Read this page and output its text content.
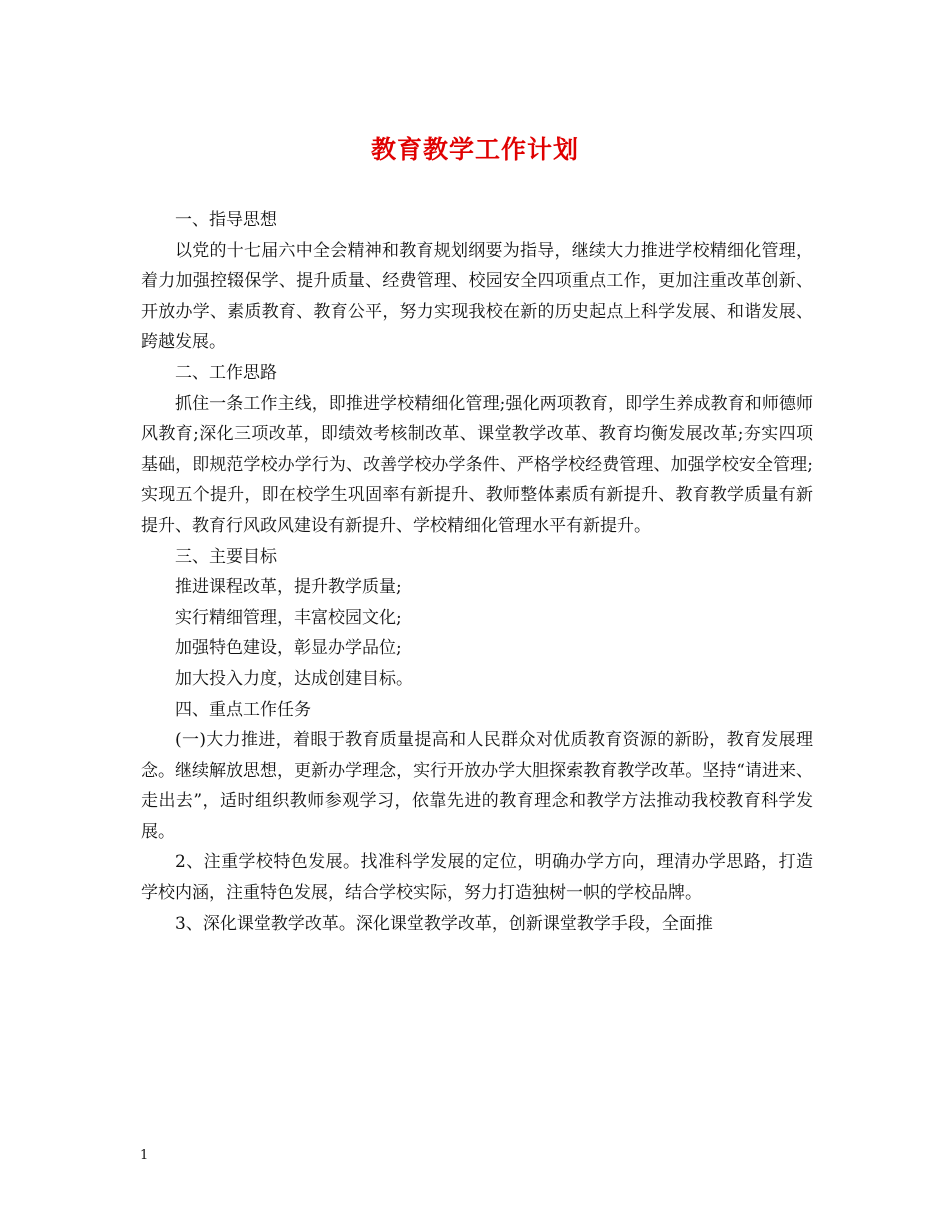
教育教学工作计划

一、指导思想

以党的十七届六中全会精神和教育规划纲要为指导，继续大力推进学校精细化管理，着力加强控辍保学、提升质量、经费管理、校园安全四项重点工作，更加注重改革创新、开放办学、素质教育、教育公平，努力实现我校在新的历史起点上科学发展、和谐发展、跨越发展。

二、工作思路

抓住一条工作主线，即推进学校精细化管理;强化两项教育，即学生养成教育和师德师风教育;深化三项改革，即绩效考核制改革、课堂教学改革、教育均衡发展改革;夯实四项基础，即规范学校办学行为、改善学校办学条件、严格学校经费管理、加强学校安全管理;实现五个提升，即在校学生巩固率有新提升、教师整体素质有新提升、教育教学质量有新提升、教育行风政风建设有新提升、学校精细化管理水平有新提升。

三、主要目标

推进课程改革，提升教学质量;

实行精细管理，丰富校园文化;

加强特色建设，彰显办学品位;

加大投入力度，达成创建目标。

四、重点工作任务

(一)大力推进，着眼于教育质量提高和人民群众对优质教育资源的新盼，教育发展理念。继续解放思想，更新办学理念，实行开放办学大胆探索教育教学改革。坚持“请进来、走出去”，适时组织教师参观学习，依靠先进的教育理念和教学方法推动我校教育科学发展。

2、注重学校特色发展。找准科学发展的定位，明确办学方向，理清办学思路，打造学校内涵，注重特色发展，结合学校实际，努力打造独树一帜的学校品牌。

3、深化课堂教学改革。深化课堂教学改革，创新课堂教学手段，全面推

1
